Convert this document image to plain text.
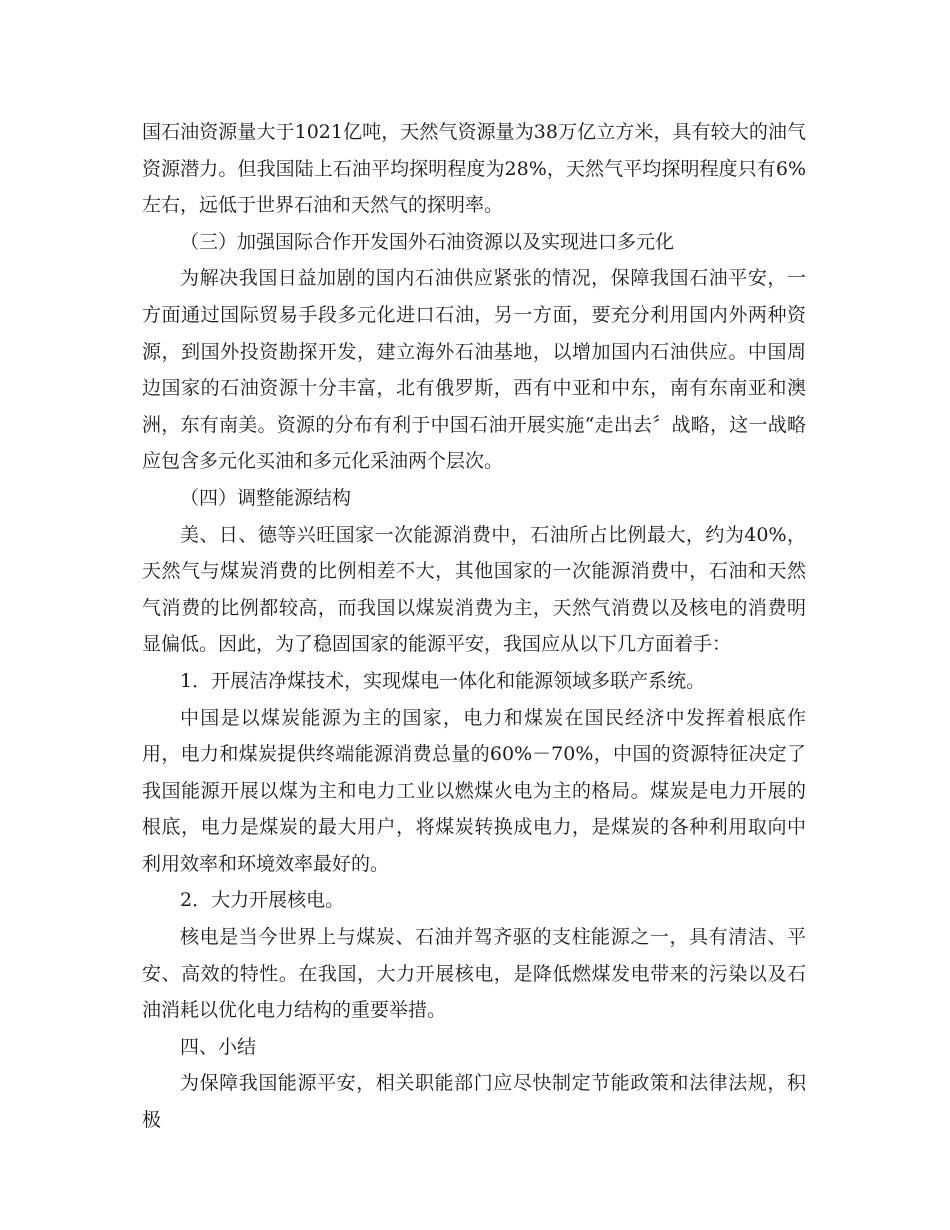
国石油资源量大于1021亿吨，天然气资源量为38万亿立方米，具有较大的油气资源潜力。但我国陆上石油平均探明程度为28%，天然气平均探明程度只有6%左右，远低于世界石油和天然气的探明率。

（三）加强国际合作开发国外石油资源以及实现进口多元化

为解决我国日益加剧的国内石油供应紧张的情况，保障我国石油平安，一方面通过国际贸易手段多元化进口石油，另一方面，要充分利用国内外两种资源，到国外投资勘探开发，建立海外石油基地，以增加国内石油供应。中国周边国家的石油资源十分丰富，北有俄罗斯，西有中亚和中东，南有东南亚和澳洲，东有南美。资源的分布有利于中国石油开展实施“走出去〞战略，这一战略应包含多元化买油和多元化采油两个层次。

（四）调整能源结构

美、日、德等兴旺国家一次能源消费中，石油所占比例最大，约为40%，天然气与煤炭消费的比例相差不大，其他国家的一次能源消费中，石油和天然气消费的比例都较高，而我国以煤炭消费为主，天然气消费以及核电的消费明显偏低。因此，为了稳固国家的能源平安，我国应从以下几方面着手：

1．开展洁净煤技术，实现煤电一体化和能源领域多联产系统。

中国是以煤炭能源为主的国家，电力和煤炭在国民经济中发挥着根底作用，电力和煤炭提供终端能源消费总量的60%－70%，中国的资源特征决定了我国能源开展以煤为主和电力工业以燃煤火电为主的格局。煤炭是电力开展的根底，电力是煤炭的最大用户，将煤炭转换成电力，是煤炭的各种利用取向中利用效率和环境效率最好的。

2．大力开展核电。

核电是当今世界上与煤炭、石油并驾齐驱的支柱能源之一，具有清洁、平安、高效的特性。在我国，大力开展核电，是降低燃煤发电带来的污染以及石油消耗以优化电力结构的重要举措。

四、小结

为保障我国能源平安，相关职能部门应尽快制定节能政策和法律法规，积极
